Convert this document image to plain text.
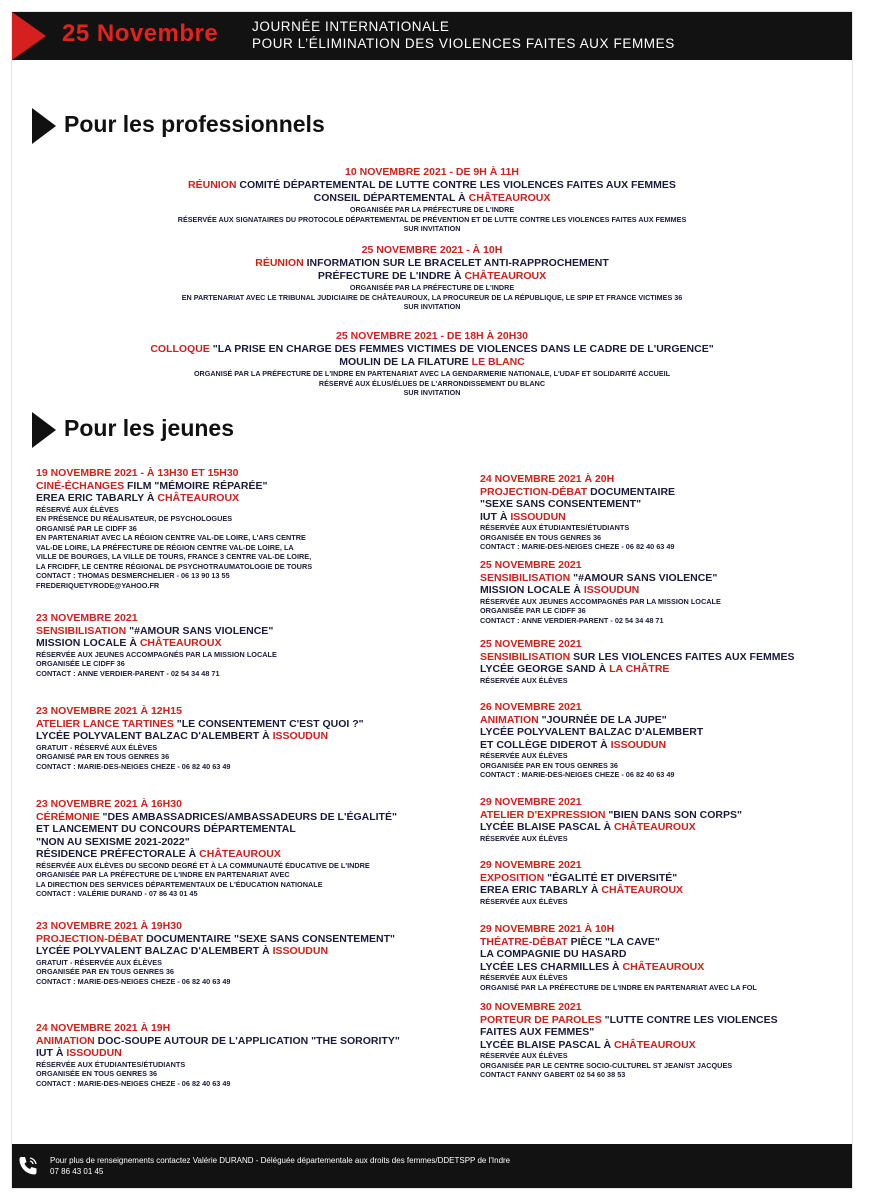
25 Novembre	JOURNÉE INTERNATIONALE
POUR L’ÉLIMINATION DES VIOLENCES FAITES AUX FEMMES
Pour les professionnels
10 NOVEMBRE 2021 - DE 9H À 11H
RÉUNION COMITÉ DÉPARTEMENTAL DE LUTTE CONTRE LES VIOLENCES FAITES AUX FEMMES
CONSEIL DÉPARTEMENTAL À CHÂTEAUROUX
ORGANISÉE PAR LA PRÉFECTURE DE L'INDRE
RÉSERVÉE AUX SIGNATAIRES DU PROTOCOLE DÉPARTEMENTAL DE PRÉVENTION ET DE LUTTE CONTRE LES VIOLENCES FAITES AUX FEMMES
SUR INVITATION
25 NOVEMBRE 2021 - À 10H
RÉUNION INFORMATION SUR LE BRACELET ANTI-RAPPROCHEMENT
PRÉFECTURE DE L'INDRE À CHÂTEAUROUX
ORGANISÉE PAR LA PRÉFECTURE DE L'INDRE
EN PARTENARIAT AVEC LE TRIBUNAL JUDICIAIRE DE CHÂTEAUROUX, LA PROCUREUR DE LA RÉPUBLIQUE, LE SPIP ET FRANCE VICTIMES 36
SUR INVITATION
25 NOVEMBRE 2021 - DE 18H À 20H30
COLLOQUE "LA PRISE EN CHARGE DES FEMMES VICTIMES DE VIOLENCES DANS LE CADRE DE L'URGENCE"
MOULIN DE LA FILATURE LE BLANC
ORGANISÉ PAR LA PRÉFECTURE DE L'INDRE EN PARTENARIAT AVEC LA GENDARMERIE NATIONALE, L'UDAF ET SOLIDARITÉ ACCUEIL
RÉSERVÉ AUX ÉLUS/ÉLUES DE L'ARRONDISSEMENT DU BLANC
SUR INVITATION
Pour les jeunes
19 NOVEMBRE 2021 - À 13H30 ET 15H30
CINÉ-ÉCHANGES FILM "MÉMOIRE RÉPARÉE"
EREA ERIC TABARLY À CHÂTEAUROUX
RÉSERVÉ AUX ÉLÈVES
EN PRÉSENCE DU RÉALISATEUR, DE PSYCHOLOGUES
ORGANISÉ PAR LE CIDFF 36
EN PARTENARIAT AVEC LA RÉGION CENTRE VAL-DE LOIRE, L'ARS CENTRE
VAL-DE LOIRE, LA PRÉFECTURE DE RÉGION CENTRE VAL-DE LOIRE, LA
VILLE DE BOURGES, LA VILLE DE TOURS, FRANCE 3 CENTRE VAL-DE LOIRE,
LA FRCIDFF, LE CENTRE RÉGIONAL DE PSYCHOTRAUMATOLOGIE DE TOURS
CONTACT : THOMAS DESMERCHELIER - 06 13 90 13 55
FREDERIQUETYRODE@YAHOO.FR
23 NOVEMBRE 2021
SENSIBILISATION "#AMOUR SANS VIOLENCE"
MISSION LOCALE À CHÂTEAUROUX
RÉSERVÉE AUX JEUNES ACCOMPAGNÉS PAR LA MISSION LOCALE
ORGANISÉE LE CIDFF 36
CONTACT : ANNE VERDIER-PARENT - 02 54 34 48 71
23 NOVEMBRE 2021 À 12H15
ATELIER LANCE TARTINES "LE CONSENTEMENT C'EST QUOI ?"
LYCÉE POLYVALENT BALZAC D'ALEMBERT À ISSOUDUN
GRATUIT - RÉSERVÉ AUX ÉLÈVES
ORGANISÉ PAR EN TOUS GENRES 36
CONTACT : MARIE-DES-NEIGES CHEZE - 06 82 40 63 49
23 NOVEMBRE 2021 À 16H30
CÉRÉMONIE "DES AMBASSADRICES/AMBASSADEURS DE L'ÉGALITÉ"
ET LANCEMENT DU CONCOURS DÉPARTEMENTAL
"NON AU SEXISME 2021-2022"
RÉSIDENCE PRÉFECTORALE À CHÂTEAUROUX
RÉSERVÉE AUX ÉLÈVES DU SECOND DEGRÉ ET À LA COMMUNAUTÉ ÉDUCATIVE DE L'INDRE
ORGANISÉE PAR LA PRÉFECTURE DE L'INDRE EN PARTENARIAT AVEC
LA DIRECTION DES SERVICES DÉPARTEMENTAUX DE L'ÉDUCATION NATIONALE
CONTACT : VALÉRIE DURAND - 07 86 43 01 45
23 NOVEMBRE 2021 À 19H30
PROJECTION-DÉBAT DOCUMENTAIRE "SEXE SANS CONSENTEMENT"
LYCÉE POLYVALENT BALZAC D'ALEMBERT À ISSOUDUN
GRATUIT - RÉSERVÉE AUX ÉLÈVES
ORGANISÉE PAR EN TOUS GENRES 36
CONTACT : MARIE-DES-NEIGES CHEZE - 06 82 40 63 49
24 NOVEMBRE 2021 À 19H
ANIMATION DOC-SOUPE AUTOUR DE L'APPLICATION "THE SORORITY"
IUT À ISSOUDUN
RÉSERVÉE AUX ÉTUDIANTES/ÉTUDIANTS
ORGANISÉE EN TOUS GENRES 36
CONTACT : MARIE-DES-NEIGES CHEZE - 06 82 40 63 49
24 NOVEMBRE 2021 À 20H
PROJECTION-DÉBAT DOCUMENTAIRE
"SEXE SANS CONSENTEMENT"
IUT À ISSOUDUN
RÉSERVÉE AUX ÉTUDIANTES/ÉTUDIANTS
ORGANISÉE EN TOUS GENRES 36
CONTACT : MARIE-DES-NEIGES CHEZE - 06 82 40 63 49
25 NOVEMBRE 2021
SENSIBILISATION "#AMOUR SANS VIOLENCE"
MISSION LOCALE À ISSOUDUN
RÉSERVÉE AUX JEUNES ACCOMPAGNÉS PAR LA MISSION LOCALE
ORGANISÉE PAR LE CIDFF 36
CONTACT : ANNE VERDIER-PARENT - 02 54 34 48 71
25 NOVEMBRE 2021
SENSIBILISATION SUR LES VIOLENCES FAITES AUX FEMMES
LYCÉE GEORGE SAND À LA CHÂTRE
RÉSERVÉE AUX ÉLÈVES
26 NOVEMBRE 2021
ANIMATION "JOURNÉE DE LA JUPE"
LYCÉE POLYVALENT BALZAC D'ALEMBERT
ET COLLÈGE DIDEROT À ISSOUDUN
RÉSERVÉE AUX ÉLÈVES
ORGANISÉE PAR EN TOUS GENRES 36
CONTACT : MARIE-DES-NEIGES CHEZE - 06 82 40 63 49
29 NOVEMBRE 2021
ATELIER D'EXPRESSION "BIEN DANS SON CORPS"
LYCÉE BLAISE PASCAL À CHÂTEAUROUX
RÉSERVÉE AUX ÉLÈVES
29 NOVEMBRE 2021
EXPOSITION "ÉGALITÉ ET DIVERSITÉ"
EREA ERIC TABARLY À CHÂTEAUROUX
RÉSERVÉE AUX ÉLÈVES
29 NOVEMBRE 2021 À 10H
THÉATRE-DÉBAT PIÈCE "LA CAVE"
LA COMPAGNIE DU HASARD
LYCÉE LES CHARMILLES À CHÂTEAUROUX
RÉSERVÉE AUX ÉLÈVES
ORGANISÉ PAR LA PRÉFECTURE DE L'INDRE EN PARTENARIAT AVEC LA FOL
30 NOVEMBRE 2021
PORTEUR DE PAROLES "LUTTE CONTRE LES VIOLENCES
FAITES AUX FEMMES"
LYCÉE BLAISE PASCAL À CHÂTEAUROUX
RÉSERVÉE AUX ÉLÈVES
ORGANISÉE PAR LE CENTRE SOCIO-CULTUREL ST JEAN/ST JACQUES
CONTACT FANNY GABERT 02 54 60 38 53
Pour plus de renseignements contactez Valérie DURAND - Déléguée départementale aux droits des femmes/DDETSPP de l'Indre
07 86 43 01 45
